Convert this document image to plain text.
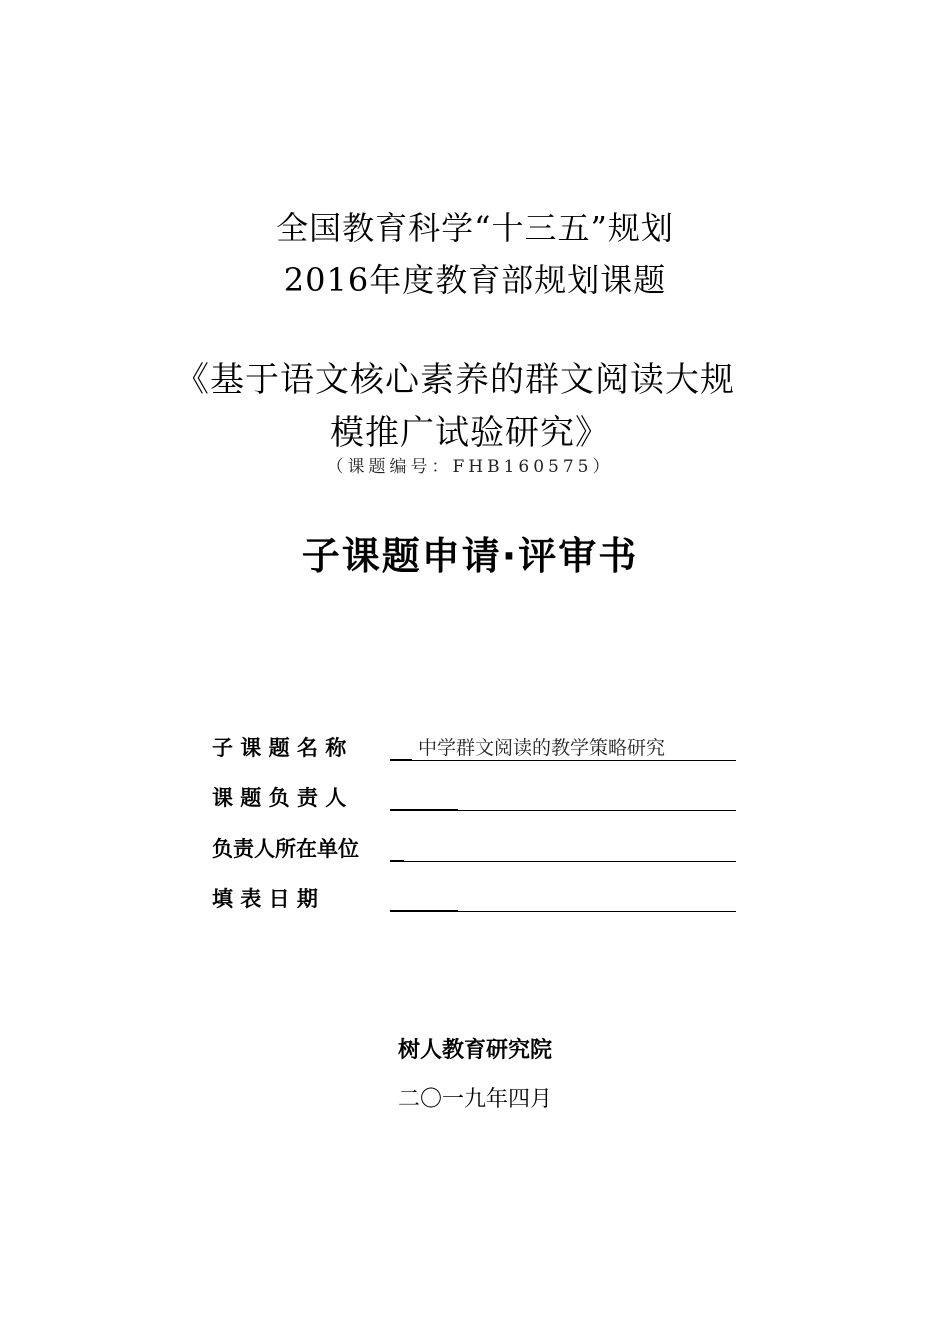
全国教育科学“十三五”规划
2016年度教育部规划课题
《基于语文核心素养的群文阅读大规
模推广试验研究》
（课题编号：FHB160575）
子课题申请·评审书
子 课 题 名 称	中学群文阅读的教学策略研究
课 题 负 责 人
负责人所在单位
填 表 日 期
树人教育研究院
二〇一九年四月
